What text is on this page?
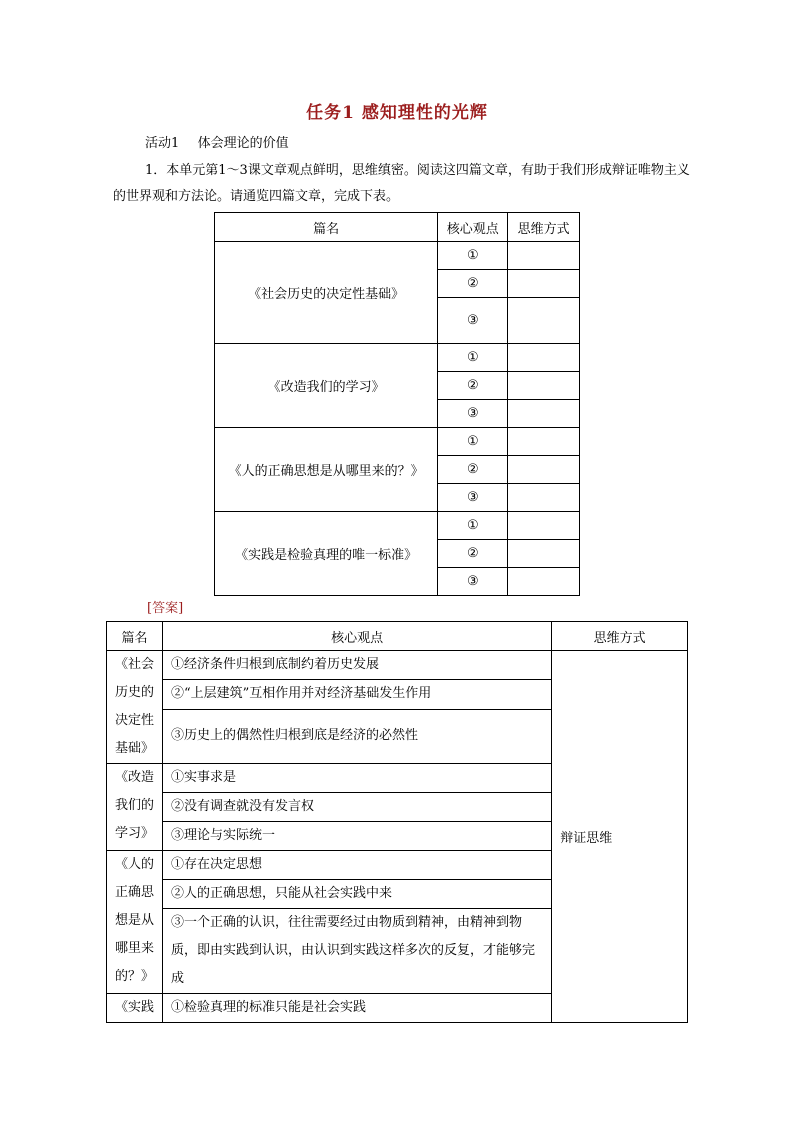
任务1 感知理性的光辉
活动1 体会理论的价值
1．本单元第1～3课文章观点鲜明，思维缜密。阅读这四篇文章，有助于我们形成辩证唯物主义的世界观和方法论。请通览四篇文章，完成下表。
篇名	核心观点	思维方式
《社会历史的决定性基础》	①	
	②	
	③	
《改造我们的学习》	①	
	②	
	③	
《人的正确思想是从哪里来的？》	①	
	②	
	③	
《实践是检验真理的唯一标准》	①	
	②	
	③	
[答案]
篇名	核心观点	思维方式
《社会历史的决定性基础》	①经济条件归根到底制约着历史发展	辩证思维
	②“上层建筑”互相作用并对经济基础发生作用	
	③历史上的偶然性归根到底是经济的必然性	
《改造我们的学习》	①实事求是	
	②没有调查就没有发言权	
	③理论与实际统一	
《人的正确思想是从哪里来的？》	①存在决定思想	
	②人的正确思想，只能从社会实践中来	
	③一个正确的认识，往往需要经过由物质到精神，由精神到物质，即由实践到认识，由认识到实践这样多次的反复，才能够完成	
《实践	①检验真理的标准只能是社会实践	
